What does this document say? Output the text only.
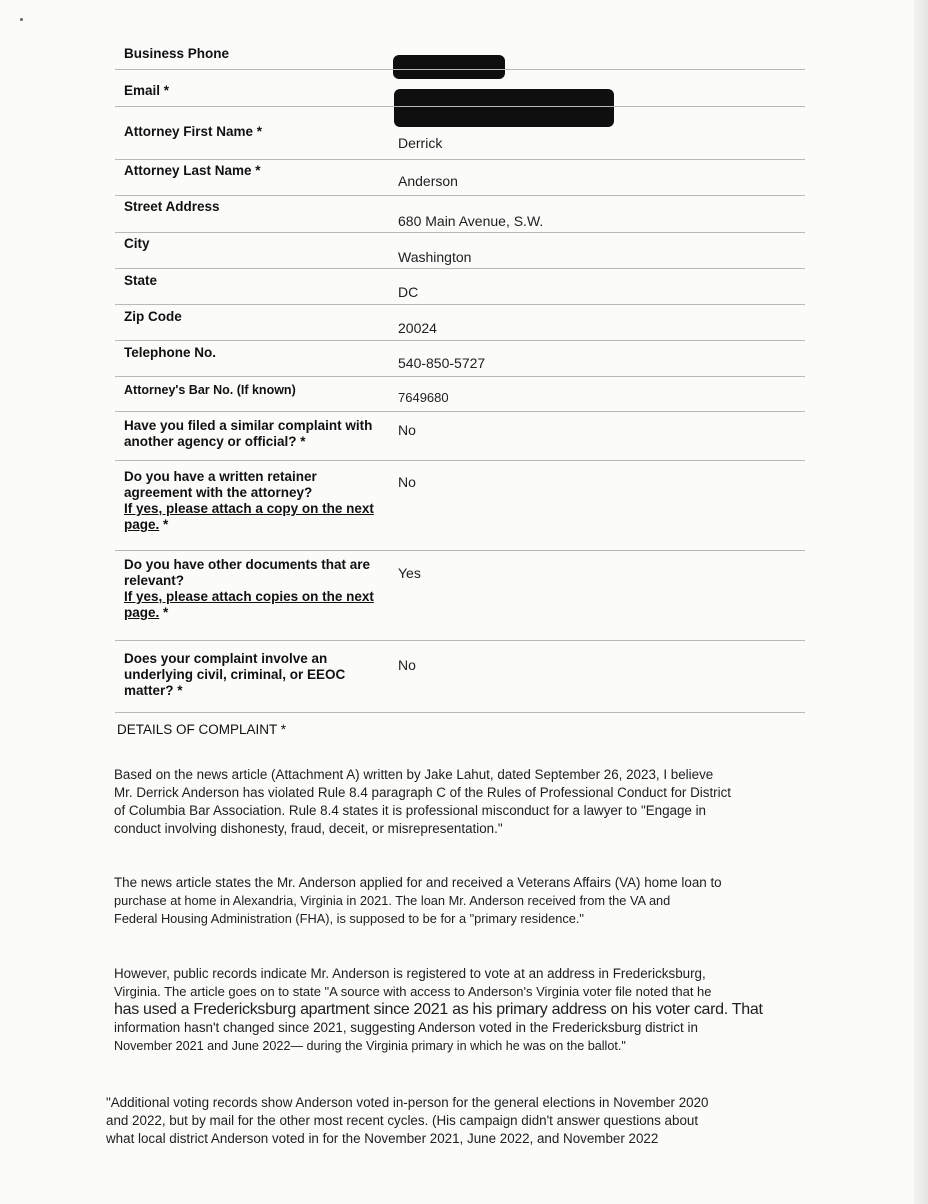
Business Phone
Email *
Attorney First Name *
Derrick
Attorney Last Name *
Anderson
Street Address
680 Main Avenue, S.W.
City
Washington
State
DC
Zip Code
20024
Telephone No.
540-850-5727
Attorney's Bar No. (If known)	7649680
Have you filed a similar complaint with
another agency or official? *
No
Do you have a written retainer
agreement with the attorney?
If yes, please attach a copy on the next
page. *
No
Do you have other documents that are
relevant?
If yes, please attach copies on the next
page. *
Yes
Does your complaint involve an
underlying civil, criminal, or EEOC
matter? *
No
DETAILS OF COMPLAINT *
Based on the news article (Attachment A) written by Jake Lahut, dated September 26, 2023, I believe
Mr. Derrick Anderson has violated Rule 8.4 paragraph C of the Rules of Professional Conduct for District
of Columbia Bar Association. Rule 8.4 states it is professional misconduct for a lawyer to "Engage in
conduct involving dishonesty, fraud, deceit, or misrepresentation."
The news article states the Mr. Anderson applied for and received a Veterans Affairs (VA) home loan to
purchase at home in Alexandria, Virginia in 2021. The loan Mr. Anderson received from the VA and
Federal Housing Administration (FHA), is supposed to be for a "primary residence."
However, public records indicate Mr. Anderson is registered to vote at an address in Fredericksburg,
Virginia. The article goes on to state "A source with access to Anderson's Virginia voter file noted that he
has used a Fredericksburg apartment since 2021 as his primary address on his voter card. That
information hasn't changed since 2021, suggesting Anderson voted in the Fredericksburg district in
November 2021 and June 2022— during the Virginia primary in which he was on the ballot."
"Additional voting records show Anderson voted in-person for the general elections in November 2020
and 2022, but by mail for the other most recent cycles. (His campaign didn't answer questions about
what local district Anderson voted in for the November 2021, June 2022, and November 2022
